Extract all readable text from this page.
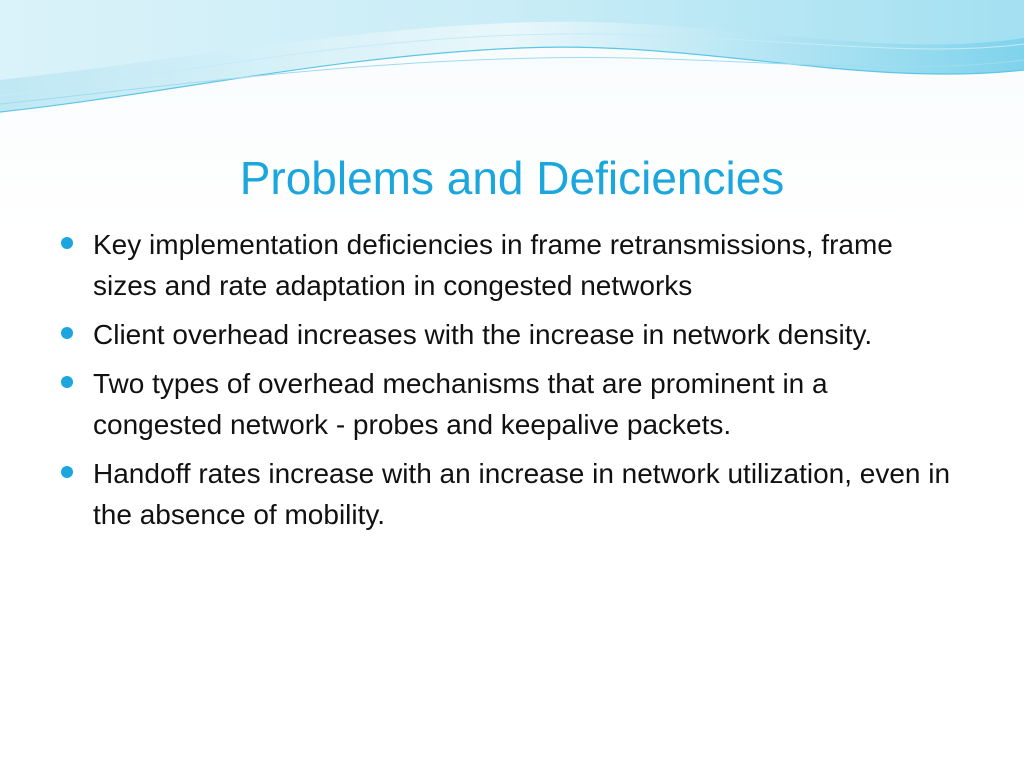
Problems and Deficiencies
Key implementation deficiencies in frame retransmissions, frame sizes and rate adaptation in congested networks
Client overhead increases with the increase in network density.
Two types of overhead mechanisms that are prominent in a congested network - probes and keepalive packets.
Handoff rates increase with an increase in network utilization, even in the absence of mobility.
